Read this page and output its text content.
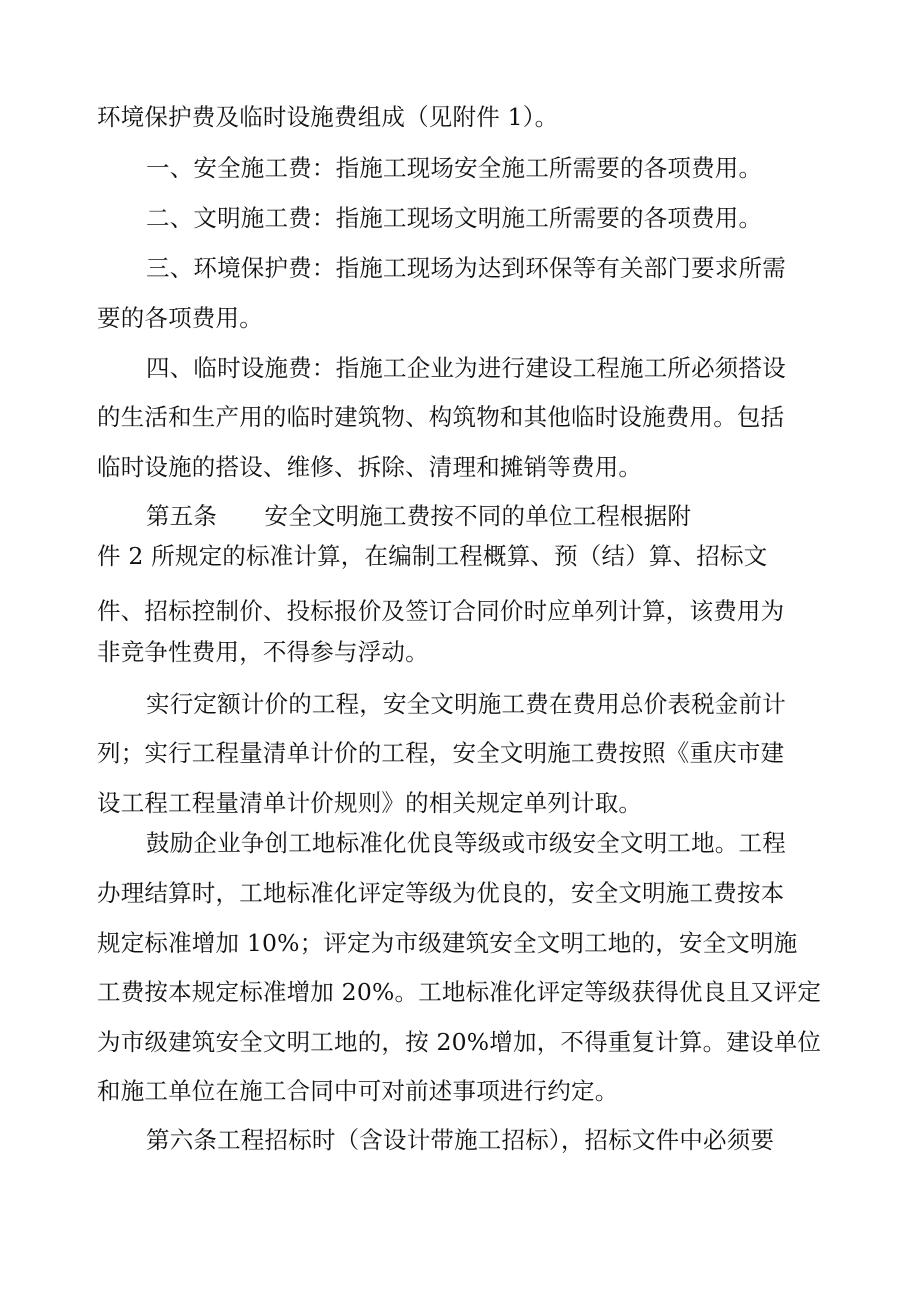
环境保护费及临时设施费组成（见附件 1）。
一、安全施工费：指施工现场安全施工所需要的各项费用。
二、文明施工费：指施工现场文明施工所需要的各项费用。
三、环境保护费：指施工现场为达到环保等有关部门要求所需
要的各项费用。
四、临时设施费：指施工企业为进行建设工程施工所必须搭设
的生活和生产用的临时建筑物、构筑物和其他临时设施费用。包括
临时设施的搭设、维修、拆除、清理和摊销等费用。
第五条　　安全文明施工费按不同的单位工程根据附
件 2 所规定的标准计算，在编制工程概算、预（结）算、招标文
件、招标控制价、投标报价及签订合同价时应单列计算，该费用为
非竞争性费用，不得参与浮动。
实行定额计价的工程，安全文明施工费在费用总价表税金前计
列；实行工程量清单计价的工程，安全文明施工费按照《重庆市建
设工程工程量清单计价规则》的相关规定单列计取。
鼓励企业争创工地标准化优良等级或市级安全文明工地。工程
办理结算时，工地标准化评定等级为优良的，安全文明施工费按本
规定标准增加 10%；评定为市级建筑安全文明工地的，安全文明施
工费按本规定标准增加 20%。工地标准化评定等级获得优良且又评定
为市级建筑安全文明工地的，按 20%增加，不得重复计算。建设单位
和施工单位在施工合同中可对前述事项进行约定。
第六条工程招标时（含设计带施工招标），招标文件中必须要
